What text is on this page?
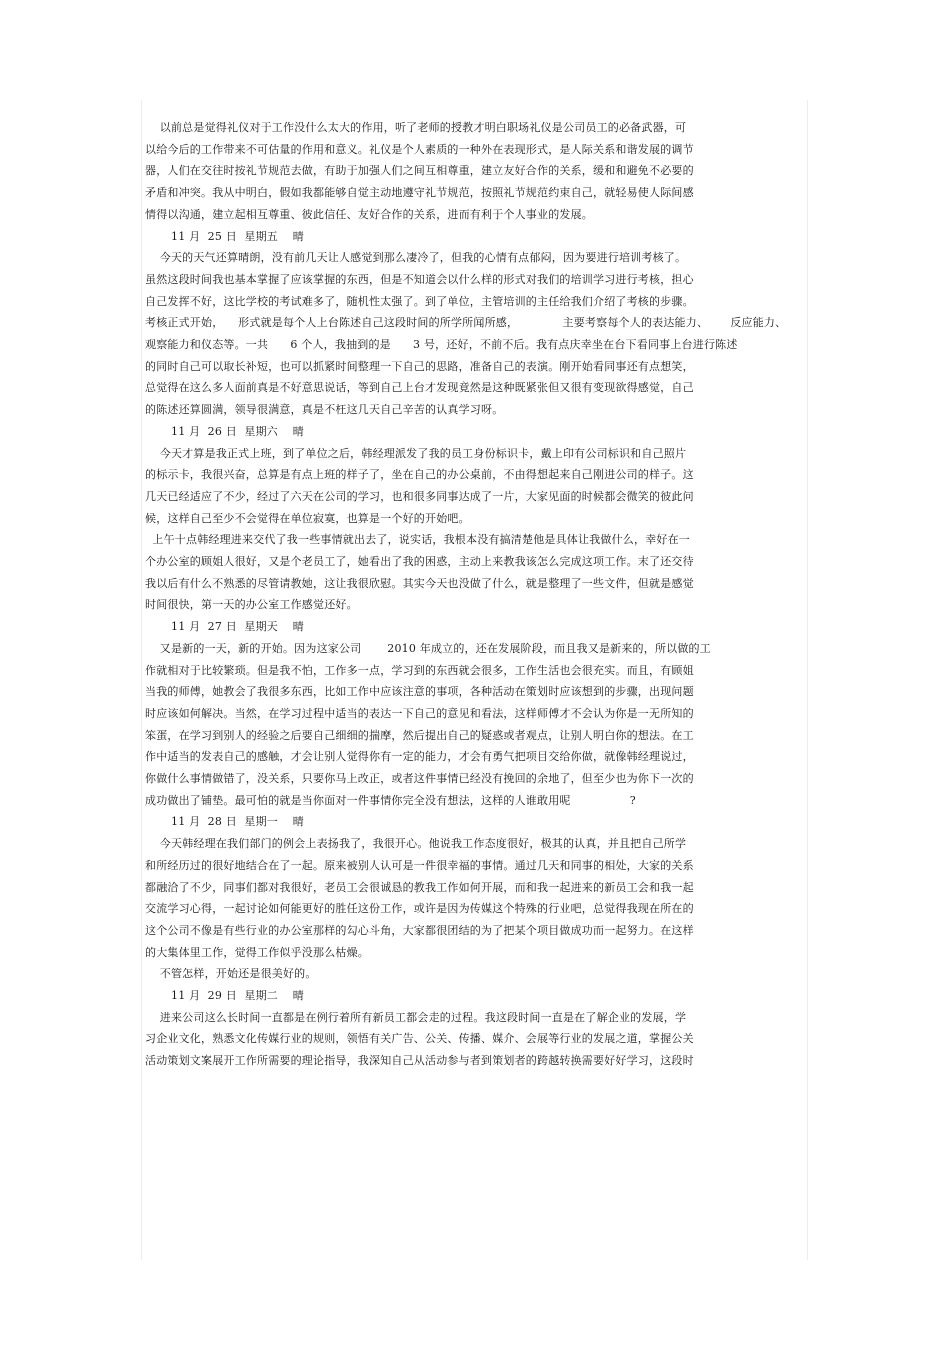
以前总是觉得礼仪对于工作没什么太大的作用，听了老师的授教才明白职场礼仪是公司员工的必备武器，可
以给今后的工作带来不可估量的作用和意义。礼仪是个人素质的一种外在表现形式，是人际关系和谐发展的调节
器，人们在交往时按礼节规范去做，有助于加强人们之间互相尊重，建立友好合作的关系，缓和和避免不必要的
矛盾和冲突。我从中明白，假如我都能够自觉主动地遵守礼节规范，按照礼节规范约束自己，就轻易使人际间感
情得以沟通，建立起相互尊重、彼此信任、友好合作的关系，进而有利于个人事业的发展。
11 月  25 日  星期五    晴
今天的天气还算晴朗，没有前几天让人感觉到那么凄冷了，但我的心情有点郁闷，因为要进行培训考核了。
虽然这段时间我也基本掌握了应该掌握的东西，但是不知道会以什么样的形式对我们的培训学习进行考核，担心
自己发挥不好，这比学校的考试难多了，随机性太强了。到了单位，主管培训的主任给我们介绍了考核的步骤。
考核正式开始，    形式就是每个人上台陈述自己这段时间的所学所闻所感，            主要考察每个人的表达能力、      反应能力、
观察能力和仪态等。一共      6 个人，我抽到的是      3 号，还好，不前不后。我有点庆幸坐在台下看同事上台进行陈述
的同时自己可以取长补短，也可以抓紧时间整理一下自己的思路，准备自己的表演。刚开始看同事还有点想笑，
总觉得在这么多人面前真是不好意思说话，等到自己上台才发现竟然是这种既紧张但又很有变现欲得感觉，自己
的陈述还算圆满，领导很满意，真是不枉这几天自己辛苦的认真学习呀。
11 月  26 日  星期六    晴
今天才算是我正式上班，到了单位之后，韩经理派发了我的员工身份标识卡，戴上印有公司标识和自己照片
的标示卡，我很兴奋，总算是有点上班的样子了，坐在自己的办公桌前，不由得想起来自己刚进公司的样子。这
几天已经适应了不少，经过了六天在公司的学习，也和很多同事达成了一片，大家见面的时候都会微笑的彼此问
候，这样自己至少不会觉得在单位寂寞，也算是一个好的开始吧。
上午十点韩经理进来交代了我一些事情就出去了，说实话，我根本没有搞清楚他是具体让我做什么，幸好在一
个办公室的顾姐人很好，又是个老员工了，她看出了我的困惑，主动上来教我该怎么完成这项工作。末了还交待
我以后有什么不熟悉的尽管请教她，这让我很欣慰。其实今天也没做了什么，就是整理了一些文件，但就是感觉
时间很快，第一天的办公室工作感觉还好。
11 月  27 日  星期天    晴
又是新的一天，新的开始。因为这家公司       2010 年成立的，还在发展阶段，而且我又是新来的，所以做的工
作就相对于比较繁琐。但是我不怕，工作多一点，学习到的东西就会很多，工作生活也会很充实。而且，有顾姐
当我的师傅，她教会了我很多东西，比如工作中应该注意的事项，各种活动在策划时应该想到的步骤，出现问题
时应该如何解决。当然，在学习过程中适当的表达一下自己的意见和看法，这样师傅才不会认为你是一无所知的
笨蛋，在学习到别人的经验之后要自己细细的揣摩，然后提出自己的疑惑或者观点，让别人明白你的想法。在工
作中适当的发表自己的感触，才会让别人觉得你有一定的能力，才会有勇气把项目交给你做，就像韩经理说过，
你做什么事情做错了，没关系，只要你马上改正，或者这件事情已经没有挽回的余地了，但至少也为你下一次的
成功做出了铺垫。最可怕的就是当你面对一件事情你完全没有想法，这样的人谁敢用呢                ?
11 月  28 日  星期一    晴
今天韩经理在我们部门的例会上表扬我了，我很开心。他说我工作态度很好，极其的认真，并且把自己所学
和所经历过的很好地结合在了一起。原来被别人认可是一件很幸福的事情。通过几天和同事的相处，大家的关系
都融洽了不少，同事们都对我很好，老员工会很诚恳的教我工作如何开展，而和我一起进来的新员工会和我一起
交流学习心得，一起讨论如何能更好的胜任这份工作，或许是因为传媒这个特殊的行业吧，总觉得我现在所在的
这个公司不像是有些行业的办公室那样的勾心斗角，大家都很团结的为了把某个项目做成功而一起努力。在这样
的大集体里工作，觉得工作似乎没那么枯燥。
不管怎样，开始还是很美好的。
11 月  29 日  星期二    晴
进来公司这么长时间一直都是在例行着所有新员工都会走的过程。我这段时间一直是在了解企业的发展，学
习企业文化，熟悉文化传媒行业的规则，领悟有关广告、公关、传播、媒介、会展等行业的发展之道，掌握公关
活动策划文案展开工作所需要的理论指导，我深知自己从活动参与者到策划者的跨越转换需要好好学习，这段时
